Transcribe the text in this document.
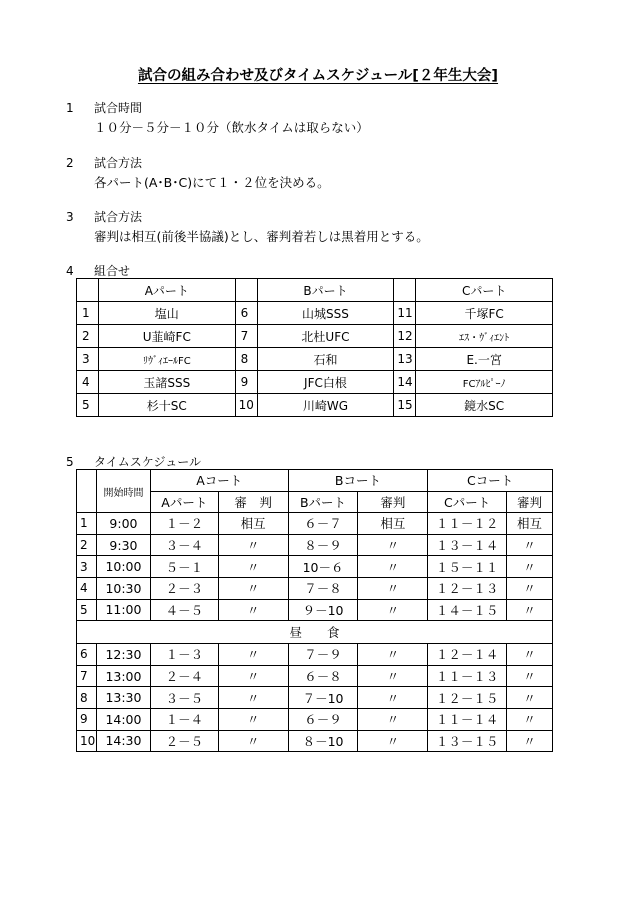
試合の組み合わせ及びタイムスケジュール[２年生大会]
1 試合時間
１０分－５分－１０分（飲水タイムは取らない）
2 試合方法
各パート(A･B･C)にて１・２位を決める。
3 試合方法
審判は相互(前後半協議)とし、審判着若しは黒着用とする。
4 組合せ
	Aパート		Bパート		Cパート
1	塩山	6	山城SSS	11	千塚FC
2	U韮崎FC	7	北杜UFC	12	ｴｽ・ｳﾞｨｴﾝﾄ
3	ﾘｳﾞｨｴｰﾙFC	8	石和	13	E.一宮
4	玉諸SSS	9	JFC白根	14	FCｱﾙﾋﾟｰﾉ
5	杉十SC	10	川崎WG	15	鏡水SC
5 タイムスケジュール
	開始時間	Aコート		Bコート		Cコート	
		Aパート	審　判	Bパート	審判	Cパート	審判
1	9:00	１－２	相互	６－７	相互	１１－１２	相互
2	9:30	３－４	〃	８－９	〃	１３－１４	〃
3	10:00	５－１	〃	10－６	〃	１５－１１	〃
4	10:30	２－３	〃	７－８	〃	１２－１３	〃
5	11:00	４－５	〃	９－10	〃	１４－１５	〃
昼　　食							
6	12:30	１－３	〃	７－９	〃	１２－１４	〃
7	13:00	２－４	〃	６－８	〃	１１－１３	〃
8	13:30	３－５	〃	７－10	〃	１２－１５	〃
9	14:00	１－４	〃	６－９	〃	１１－１４	〃
10	14:30	２－５	〃	８－10	〃	１３－１５	〃
